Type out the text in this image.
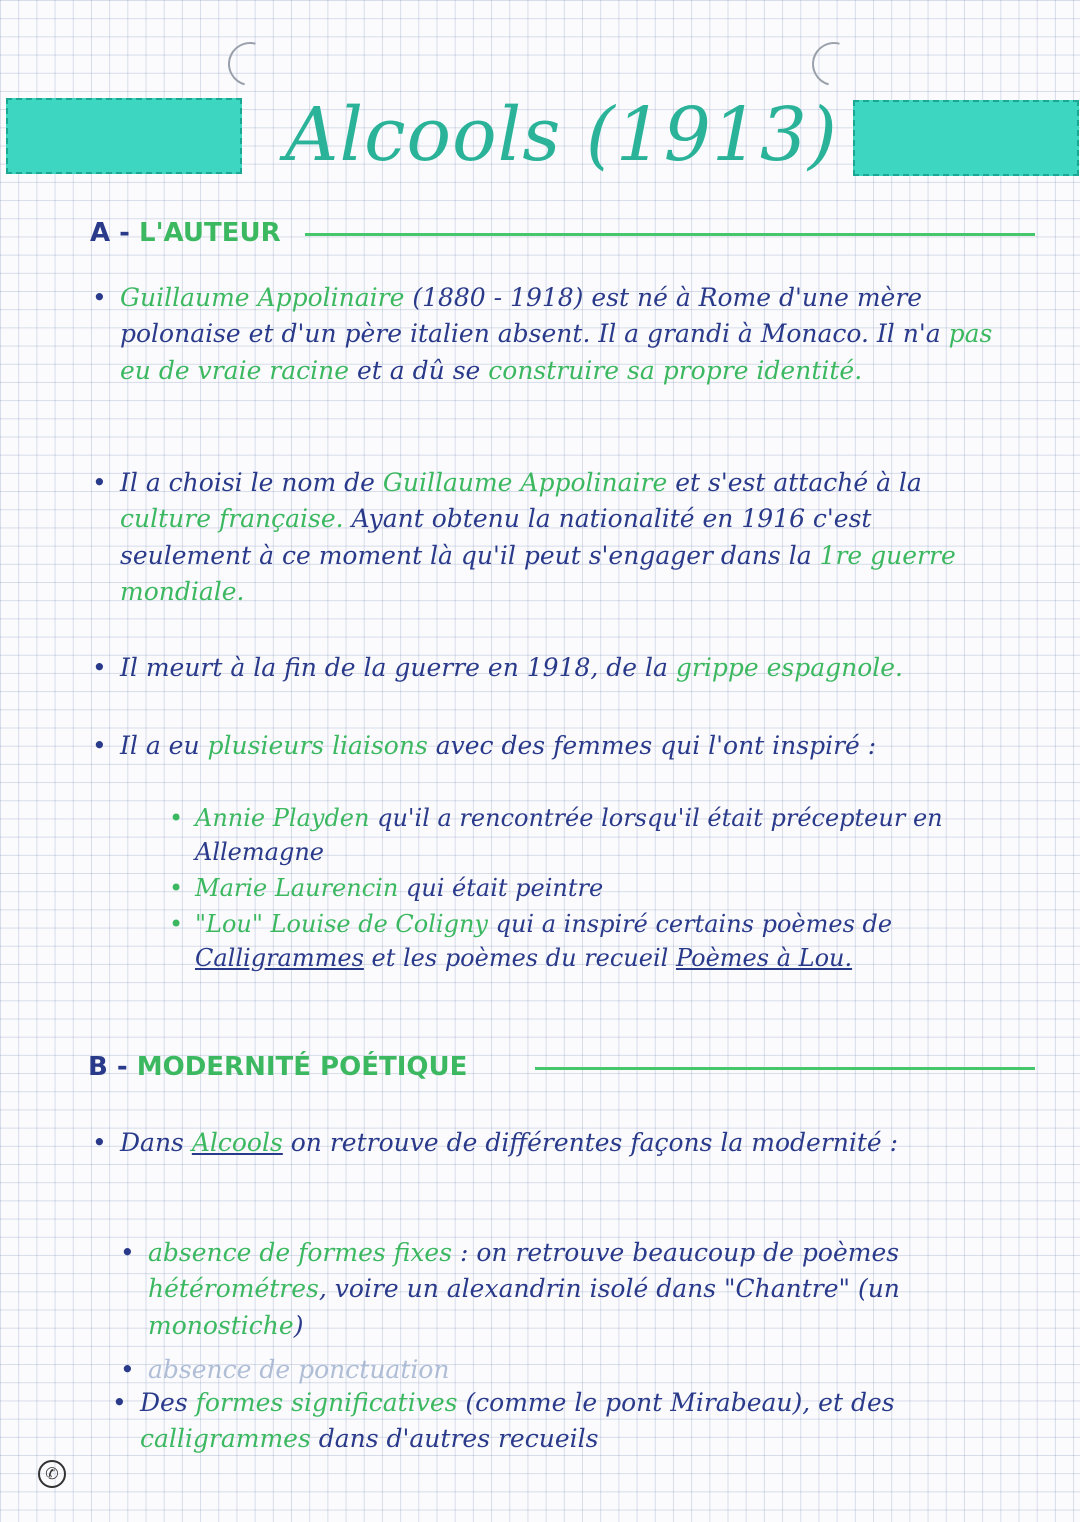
Alcools (1913)
A - L'AUTEUR
• Guillaume Appolinaire (1880 - 1918) est né à Rome d'une mère polonaise et d'un père italien absent. Il a grandi à Monaco. Il n'a pas eu de vraie racine et a dû se construire sa propre identité.
• Il a choisi le nom de Guillaume Appolinaire et s'est attaché à la culture française. Ayant obtenu la nationalité en 1916 c'est seulement à ce moment là qu'il peut s'engager dans la 1re guerre mondiale.
• Il meurt à la fin de la guerre en 1918, de la grippe espagnole.
• Il a eu plusieurs liaisons avec des femmes qui l'ont inspiré :
• Annie Playden qu'il a rencontrée lorsqu'il était précepteur en Allemagne
• Marie Laurencin qui était peintre
• "Lou" Louise de Coligny qui a inspiré certains poèmes de Calligrammes et les poèmes du recueil Poèmes à Lou.
B - MODERNITÉ POÉTIQUE
• Dans Alcools on retrouve de différentes façons la modernité :
• absence de formes fixes : on retrouve beaucoup de poèmes hétérométres, voire un alexandrin isolé dans "Chantre" (un monostiche)
• absence de ponctuation
• Des formes significatives (comme le pont Mirabeau), et des calligrammes dans d'autres recueils
✆
